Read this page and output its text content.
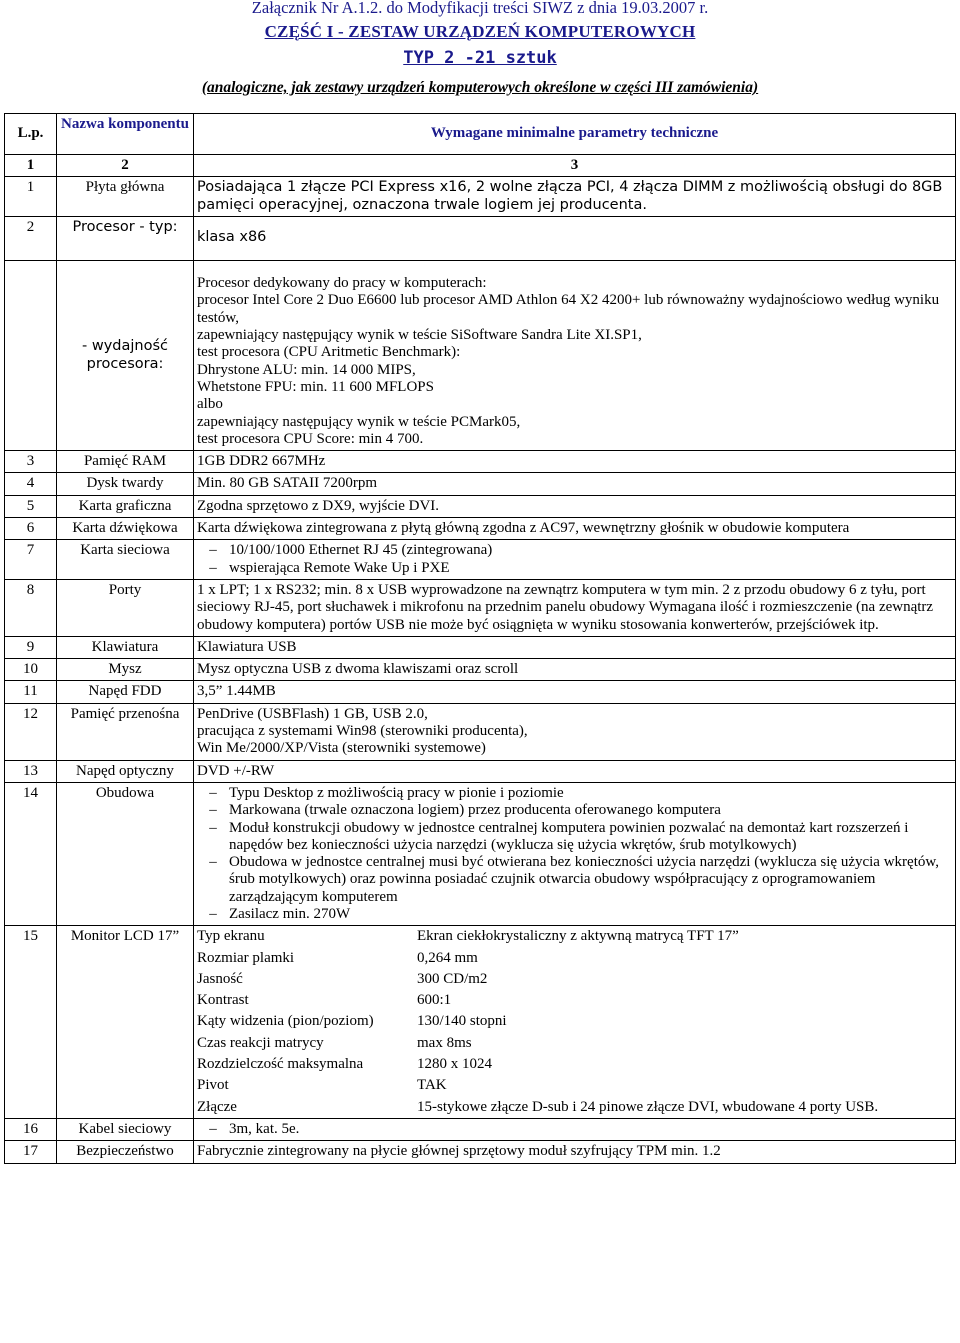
Załącznik Nr A.1.2. do Modyfikacji treści SIWZ z dnia 19.03.2007 r.
CZĘŚĆ I - ZESTAW URZĄDZEŃ KOMPUTEROWYCH
TYP 2 -21 sztuk
(analogiczne, jak zestawy urządzeń komputerowych określone w części III zamówienia)
L.p.	Nazwa komponentu	Wymagane minimalne parametry techniczne
1	2	3
1	Płyta główna	Posiadająca 1 złącze PCI Express x16, 2 wolne złącza PCI, 4 złącza DIMM z możliwością obsługi do 8GB pamięci operacyjnej, oznaczona trwale logiem jej producenta.

2	Procesor - typ:	
klasa x86

	- wydajność procesora:	
Procesor dedykowany do pracy w komputerach:
procesor Intel Core 2 Duo E6600 lub procesor AMD Athlon 64 X2 4200+ lub równoważny wydajnościowo według wyniku testów,
zapewniający następujący wynik w teście SiSoftware Sandra Lite XI.SP1,
test procesora (CPU Aritmetic Benchmark):
Dhrystone ALU: min. 14 000 MIPS,
Whetstone FPU: min. 11 600 MFLOPS
albo
zapewniający następujący wynik w teście PCMark05,
test procesora CPU Score: min 4 700.

3	Pamięć RAM	1GB DDR2 667MHz

4	Dysk twardy	Min. 80 GB SATAII 7200rpm

5	Karta graficzna	Zgodna sprzętowo z DX9, wyjście DVI.

6	Karta dźwiękowa	Karta dźwiękowa zintegrowana z płytą główną zgodna z AC97, wewnętrzny głośnik w obudowie komputera

7	Karta sieciowa	– 10/100/1000 Ethernet RJ 45 (zintegrowana)
– wspierająca Remote Wake Up i PXE

8	Porty	1 x LPT; 1 x RS232; min. 8 x USB wyprowadzone na zewnątrz komputera w tym min. 2 z przodu obudowy 6 z tyłu, port sieciowy RJ-45, port słuchawek i mikrofonu na przednim panelu obudowy Wymagana ilość i rozmieszczenie (na zewnątrz obudowy komputera) portów USB nie może być osiągnięta w wyniku stosowania konwerterów, przejściówek itp.

9	Klawiatura	Klawiatura USB

10	Mysz	Mysz optyczna USB z dwoma klawiszami oraz scroll

11	Napęd FDD	3,5” 1.44MB

12	Pamięć przenośna	PenDrive (USBFlash) 1 GB, USB 2.0,
pracująca z systemami Win98 (sterowniki producenta),
Win Me/2000/XP/Vista (sterowniki systemowe)

13	Napęd optyczny	DVD +/-RW

14	Obudowa	– Typu Desktop z możliwością pracy w pionie i poziomie
– Markowana (trwale oznaczona logiem) przez producenta oferowanego komputera
– Moduł konstrukcji obudowy w jednostce centralnej komputera powinien pozwalać na demontaż kart rozszerzeń i napędów bez konieczności użycia narzędzi (wyklucza się użycia wkrętów, śrub motylkowych)
– Obudowa w jednostce centralnej musi być otwierana bez konieczności użycia narzędzi (wyklucza się użycia wkrętów, śrub motylkowych) oraz powinna posiadać czujnik otwarcia obudowy współpracujący z oprogramowaniem zarządzającym komputerem
– Zasilacz min. 270W

15	Monitor LCD 17”	Typ ekranu	Ekran ciekłokrystaliczny z aktywną matrycą TFT 17”
Rozmiar plamki	0,264 mm
Jasność	300 CD/m2
Kontrast	600:1
Kąty widzenia (pion/poziom)	130/140 stopni
Czas reakcji matrycy	max 8ms
Rozdzielczość maksymalna	1280 x 1024
Pivot	TAK
Złącze	15-stykowe złącze D-sub i 24 pinowe złącze DVI, wbudowane 4 porty USB.

16	Kabel sieciowy	– 3m, kat. 5e.

17	Bezpieczeństwo	Fabrycznie zintegrowany na płycie głównej sprzętowy moduł szyfrujący TPM min. 1.2
